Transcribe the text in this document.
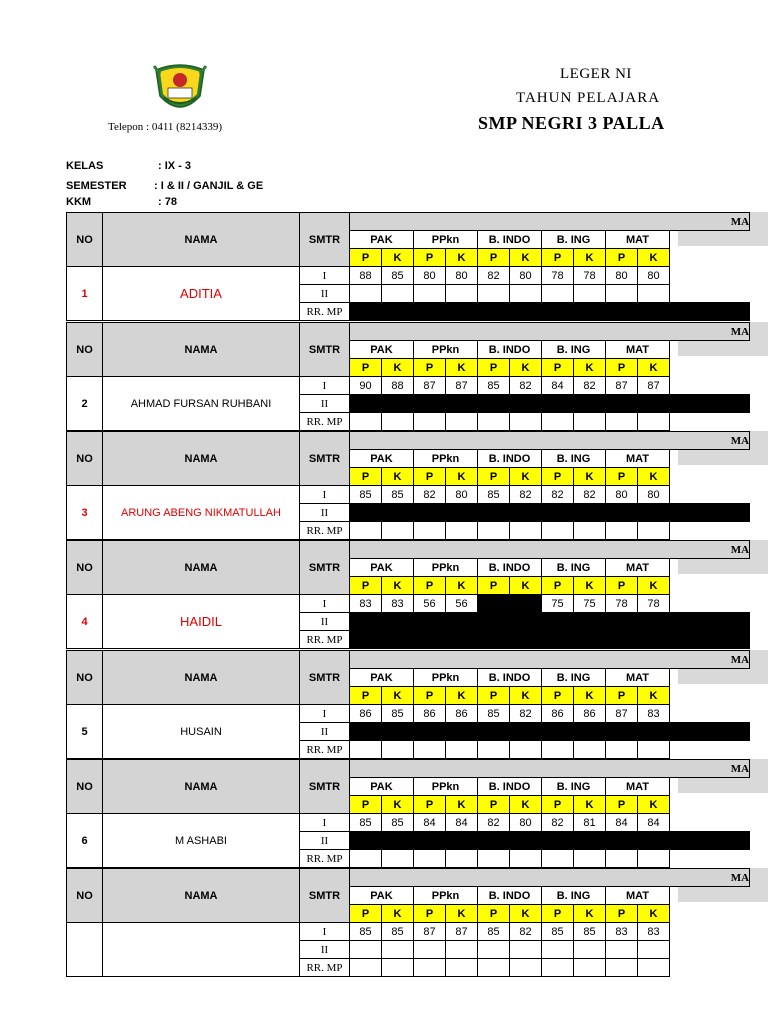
LEGER NI
TAHUN PELAJARA
SMP NEGRI 3 PALLA
Telepon : 0411 (8214339)
KELAS	: IX - 3
SEMESTER : I & II / GANJIL & GE
KKM	: 78
NO	NAMA	SMTR	MA										
			PAK		PPkn		B. INDO		B. ING		MAT		
			P	K	P	K	P	K	P	K	P	K	
1	ADITIA	I	88	85	80	80	82	80	78	78	80	80	
		II											
		RR. MP											
NO	NAMA	SMTR	MA										
			PAK		PPkn		B. INDO		B. ING		MAT		
			P	K	P	K	P	K	P	K	P	K	
2	AHMAD FURSAN RUHBANI	I	90	88	87	87	85	82	84	82	87	87	
		II											
		RR. MP											
NO	NAMA	SMTR	MA										
			PAK		PPkn		B. INDO		B. ING		MAT		
			P	K	P	K	P	K	P	K	P	K	
3	ARUNG ABENG NIKMATULLAH	I	85	85	82	80	85	82	82	82	80	80	
		II											
		RR. MP											
NO	NAMA	SMTR	MA										
			PAK		PPkn		B. INDO		B. ING		MAT		
			P	K	P	K	P	K	P	K	P	K	
4	HAIDIL	I	83	83	56	56			75	75	78	78	
		II											
		RR. MP											
NO	NAMA	SMTR	MA										
			PAK		PPkn		B. INDO		B. ING		MAT		
			P	K	P	K	P	K	P	K	P	K	
5	HUSAIN	I	86	85	86	86	85	82	86	86	87	83	
		II											
		RR. MP											
NO	NAMA	SMTR	MA										
			PAK		PPkn		B. INDO		B. ING		MAT		
			P	K	P	K	P	K	P	K	P	K	
6	M ASHABI	I	85	85	84	84	82	80	82	81	84	84	
		II											
		RR. MP											
NO	NAMA	SMTR	MA										
			PAK		PPkn		B. INDO		B. ING		MAT		
			P	K	P	K	P	K	P	K	P	K	
		I	85	85	87	87	85	82	85	85	83	83	
		II											
		RR. MP											
